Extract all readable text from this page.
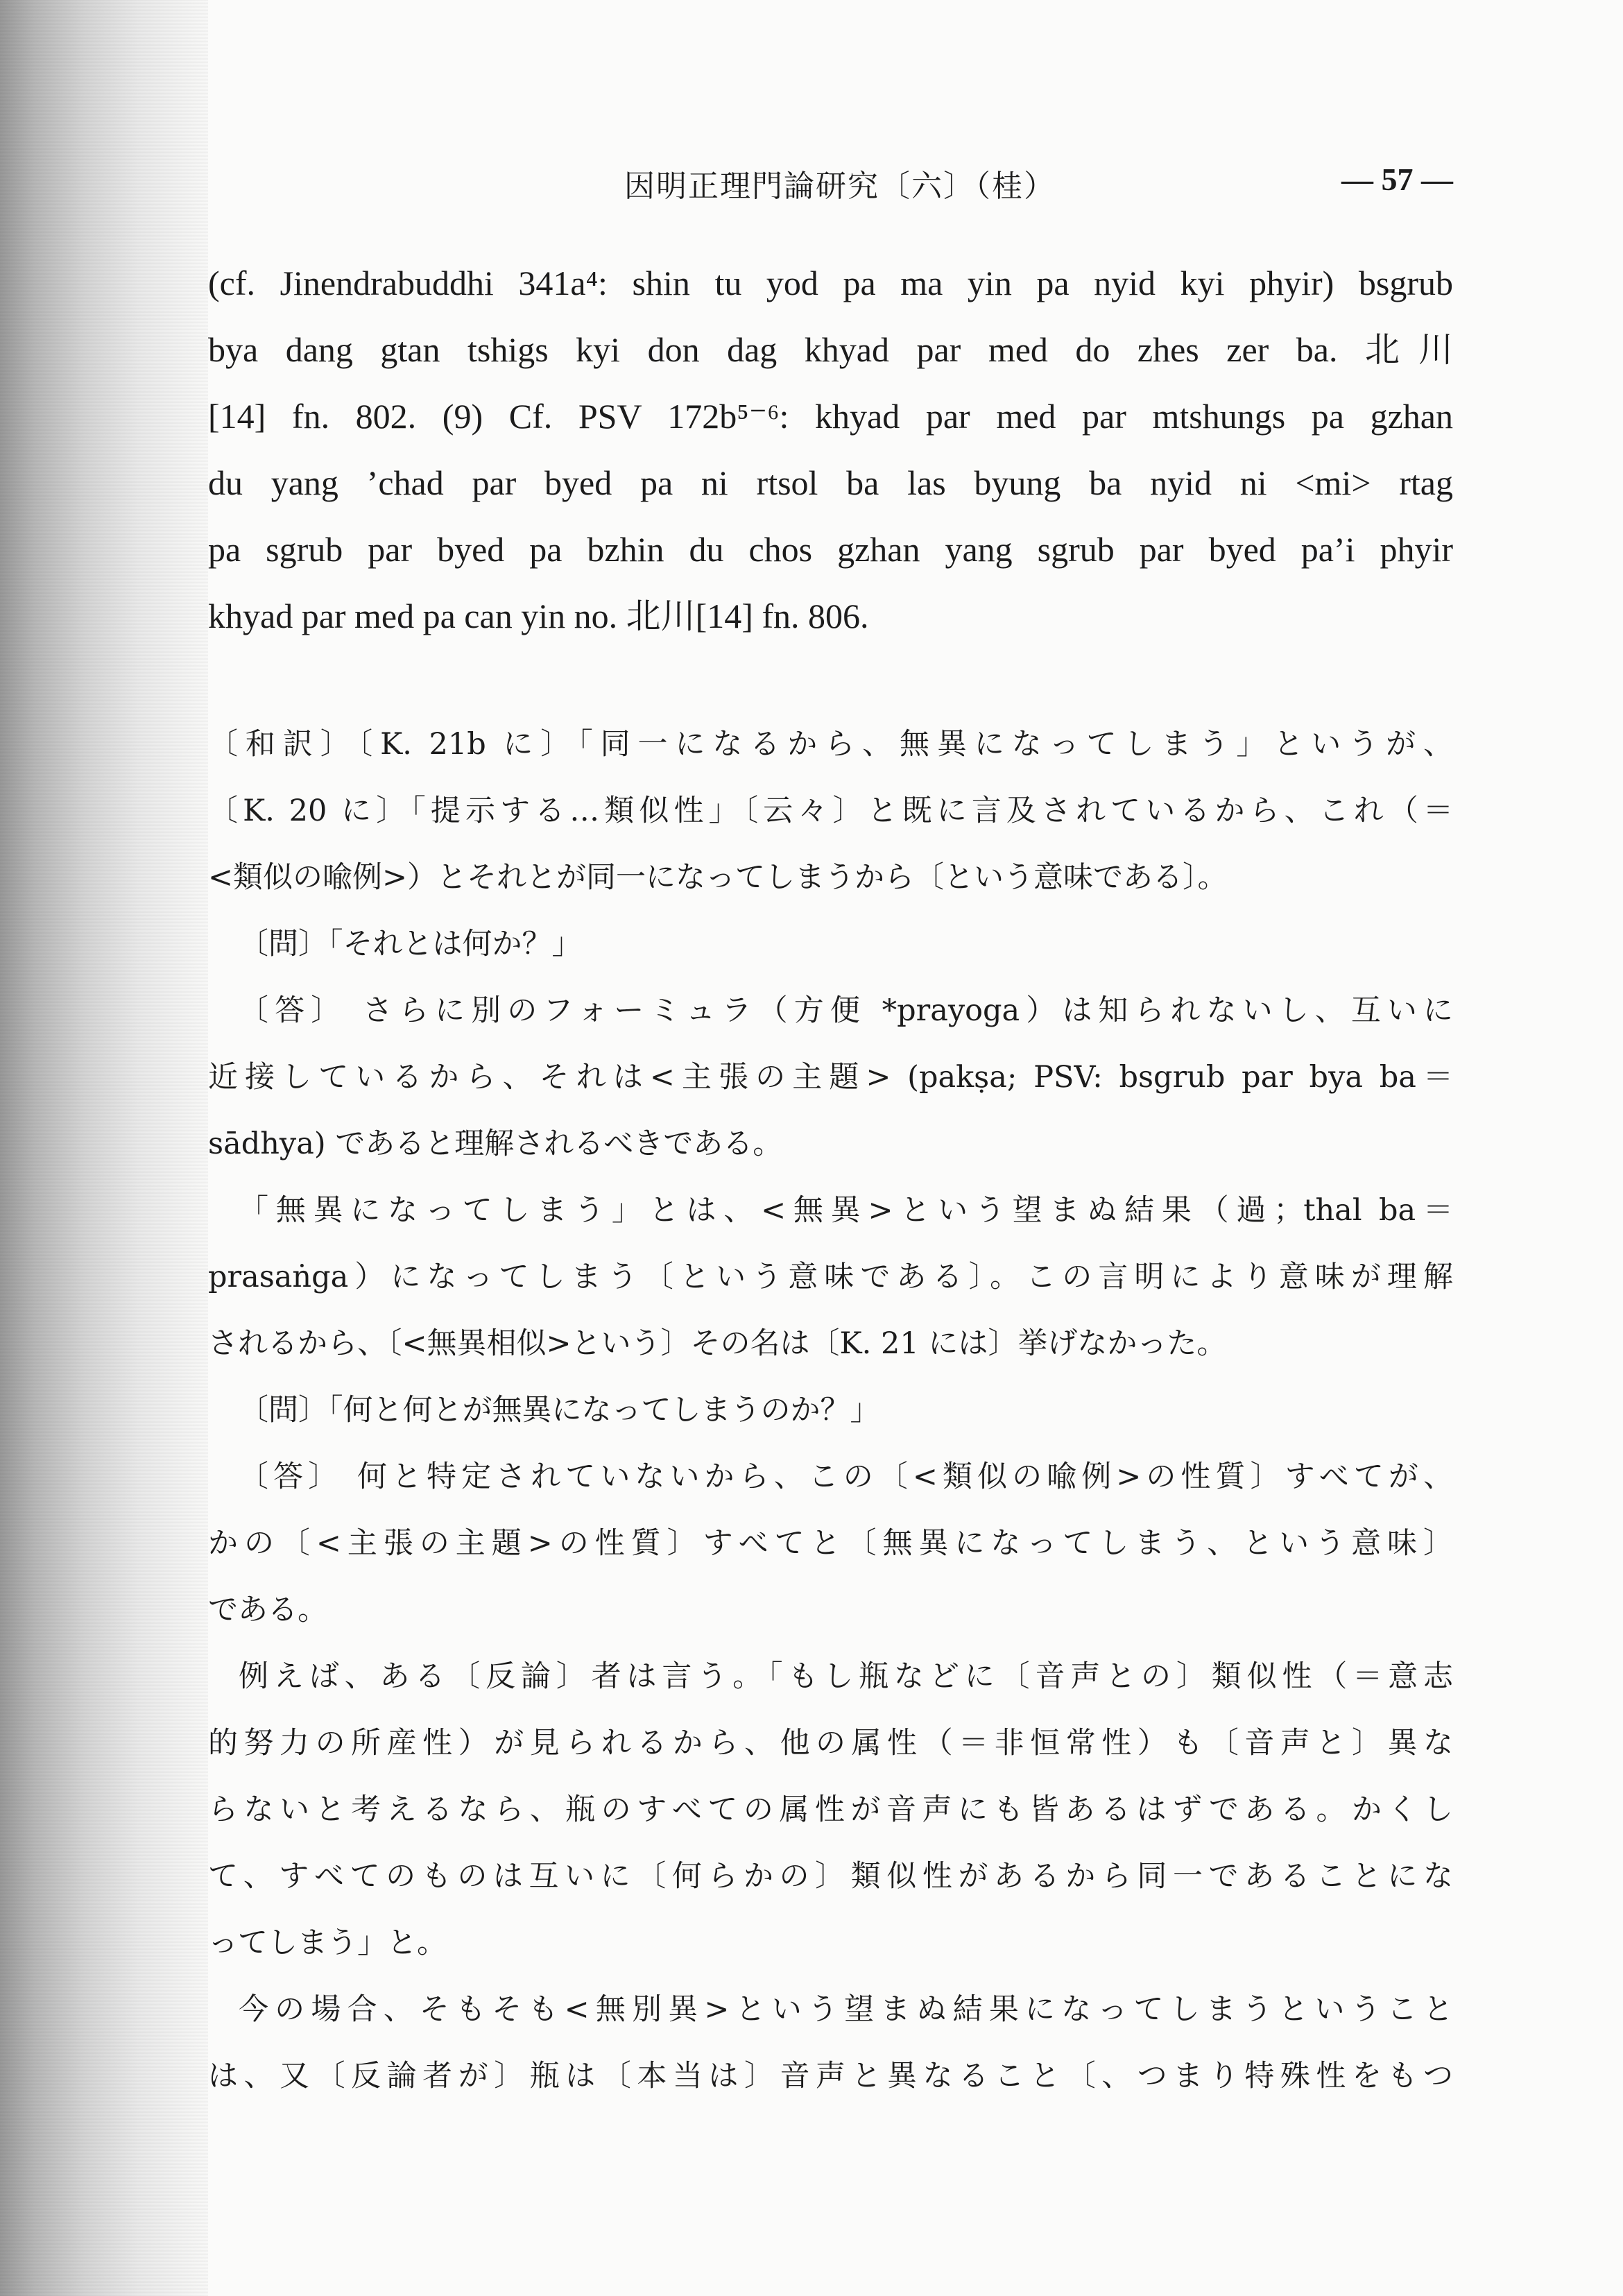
因明正理門論研究〔六〕（桂）	— 57 —
(cf. Jinendrabuddhi 341a⁴: shin tu yod pa ma yin pa nyid kyi phyir) bsgrub
bya dang gtan tshigs kyi don dag khyad par med do zhes zer ba. 北川
[14] fn. 802. (9) Cf. PSV 172b⁵⁻⁶: khyad par med par mtshungs pa gzhan
du yang ’chad par byed pa ni rtsol ba las byung ba nyid ni <mi> rtag
pa sgrub par byed pa bzhin du chos gzhan yang sgrub par byed pa’i phyir
khyad par med pa can yin no. 北川[14] fn. 806.
〔和訳〕〔K. 21b に〕「同一になるから、無異になってしまう」というが、
〔K. 20 に〕「提示する…類似性」〔云々〕と既に言及されているから、これ（＝
<類似の喩例>）とそれとが同一になってしまうから〔という意味である〕。
〔問〕「それとは何か？」
〔答〕 さらに別のフォーミュラ（方便 *prayoga）は知られないし、互いに
近接しているから、それは<主張の主題> (pakṣa; PSV: bsgrub par bya ba＝
sādhya) であると理解されるべきである。
「無異になってしまう」とは、<無異>という望まぬ結果（過；thal ba＝
prasaṅga）になってしまう〔という意味である〕。この言明により意味が理解
されるから、〔<無異相似>という〕その名は〔K. 21 には〕挙げなかった。
〔問〕「何と何とが無異になってしまうのか？」
〔答〕 何と特定されていないから、この〔<類似の喩例>の性質〕すべてが、
かの〔<主張の主題>の性質〕すべてと〔無異になってしまう、という意味〕
である。
例えば、ある〔反論〕者は言う。「もし瓶などに〔音声との〕類似性（＝意志
的努力の所産性）が見られるから、他の属性（＝非恒常性）も〔音声と〕異な
らないと考えるなら、瓶のすべての属性が音声にも皆あるはずである。かくし
て、すべてのものは互いに〔何らかの〕類似性があるから同一であることにな
ってしまう」と。
今の場合、そもそも<無別異>という望まぬ結果になってしまうということ
は、又〔反論者が〕瓶は〔本当は〕音声と異なること〔、つまり特殊性をもつ
